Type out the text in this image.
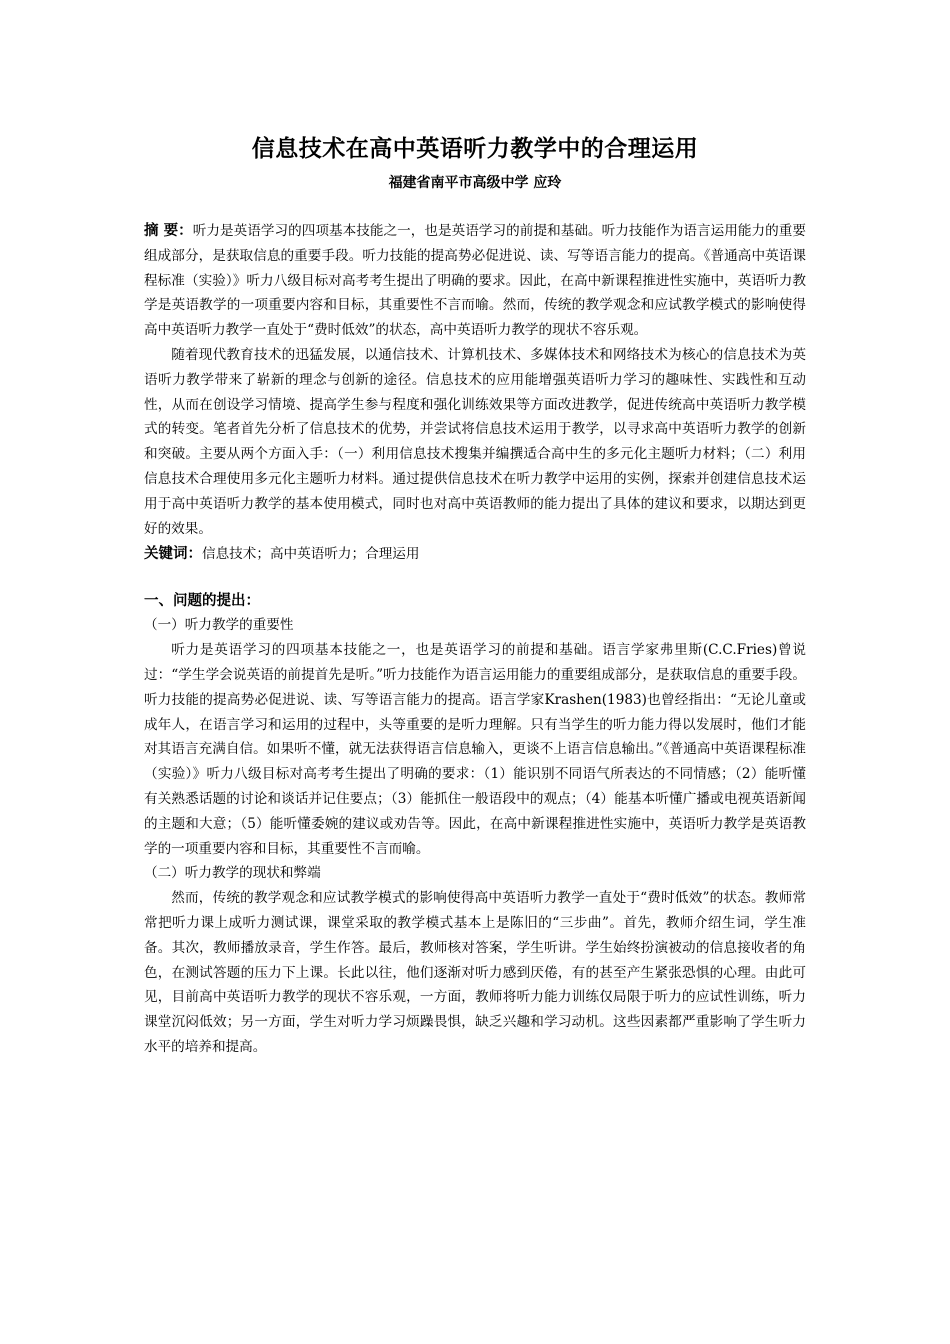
信息技术在高中英语听力教学中的合理运用

福建省南平市高级中学 应玲

摘 要：听力是英语学习的四项基本技能之一，也是英语学习的前提和基础。听力技能作为语言运用能力的重要组成部分，是获取信息的重要手段。听力技能的提高势必促进说、读、写等语言能力的提高。《普通高中英语课程标准（实验）》听力八级目标对高考考生提出了明确的要求。因此，在高中新课程推进性实施中，英语听力教学是英语教学的一项重要内容和目标，其重要性不言而喻。然而，传统的教学观念和应试教学模式的影响使得高中英语听力教学一直处于“费时低效”的状态，高中英语听力教学的现状不容乐观。

随着现代教育技术的迅猛发展，以通信技术、计算机技术、多媒体技术和网络技术为核心的信息技术为英语听力教学带来了崭新的理念与创新的途径。信息技术的应用能增强英语听力学习的趣味性、实践性和互动性，从而在创设学习情境、提高学生参与程度和强化训练效果等方面改进教学，促进传统高中英语听力教学模式的转变。笔者首先分析了信息技术的优势，并尝试将信息技术运用于教学，以寻求高中英语听力教学的创新和突破。主要从两个方面入手：（一）利用信息技术搜集并编撰适合高中生的多元化主题听力材料；（二）利用信息技术合理使用多元化主题听力材料。通过提供信息技术在听力教学中运用的实例，探索并创建信息技术运用于高中英语听力教学的基本使用模式，同时也对高中英语教师的能力提出了具体的建议和要求，以期达到更好的效果。

关键词：信息技术；高中英语听力；合理运用

一、问题的提出：

（一）听力教学的重要性

听力是英语学习的四项基本技能之一，也是英语学习的前提和基础。语言学家弗里斯(C.C.Fries)曾说过：“学生学会说英语的前提首先是听。”听力技能作为语言运用能力的重要组成部分，是获取信息的重要手段。听力技能的提高势必促进说、读、写等语言能力的提高。语言学家Krashen(1983)也曾经指出：“无论儿童或成年人，在语言学习和运用的过程中，头等重要的是听力理解。只有当学生的听力能力得以发展时，他们才能对其语言充满自信。如果听不懂，就无法获得语言信息输入，更谈不上语言信息输出。”《普通高中英语课程标准（实验）》听力八级目标对高考考生提出了明确的要求：（1）能识别不同语气所表达的不同情感；（2）能听懂有关熟悉话题的讨论和谈话并记住要点；（3）能抓住一般语段中的观点；（4）能基本听懂广播或电视英语新闻的主题和大意；（5）能听懂委婉的建议或劝告等。因此，在高中新课程推进性实施中，英语听力教学是英语教学的一项重要内容和目标，其重要性不言而喻。

（二）听力教学的现状和弊端

然而，传统的教学观念和应试教学模式的影响使得高中英语听力教学一直处于“费时低效”的状态。教师常常把听力课上成听力测试课，课堂采取的教学模式基本上是陈旧的“三步曲”。首先，教师介绍生词，学生准备。其次，教师播放录音，学生作答。最后，教师核对答案，学生听讲。学生始终扮演被动的信息接收者的角色，在测试答题的压力下上课。长此以往，他们逐渐对听力感到厌倦，有的甚至产生紧张恐惧的心理。由此可见，目前高中英语听力教学的现状不容乐观，一方面，教师将听力能力训练仅局限于听力的应试性训练，听力课堂沉闷低效；另一方面，学生对听力学习烦躁畏惧，缺乏兴趣和学习动机。这些因素都严重影响了学生听力水平的培养和提高。
